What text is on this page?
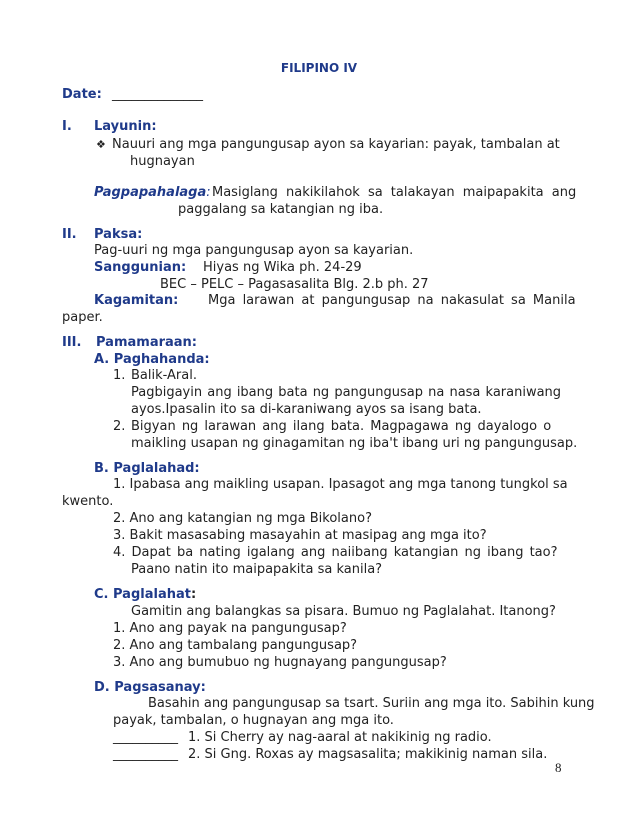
FILIPINO IV
Date: ______________
I. Layunin:
❖ Nauuri ang mga pangungusap ayon sa kayarian: payak, tambalan at
hugnayan
Pagpapahalaga: Masiglang nakikilahok sa talakayan maipapakita ang
paggalang sa katangian ng iba.
II. Paksa:
Pag-uuri ng mga pangungusap ayon sa kayarian.
Sanggunian: Hiyas ng Wika ph. 24-29
BEC – PELC – Pagasasalita Blg. 2.b ph. 27
Kagamitan: Mga larawan at pangungusap na nakasulat sa Manila
paper.
III. Pamamaraan:
A. Paghahanda:
1. Balik-Aral.
Pagbigayin ang ibang bata ng pangungusap na nasa karaniwang
ayos.Ipasalin ito sa di-karaniwang ayos sa isang bata.
2. Bigyan ng larawan ang ilang bata. Magpagawa ng dayalogo o
maikling usapan ng ginagamitan ng iba't ibang uri ng pangungusap.
B. Paglalahad:
1. Ipabasa ang maikling usapan. Ipasagot ang mga tanong tungkol sa
kwento.
2. Ano ang katangian ng mga Bikolano?
3. Bakit masasabing masayahin at masipag ang mga ito?
4. Dapat ba nating igalang ang naiibang katangian ng ibang tao?
Paano natin ito maipapakita sa kanila?
C. Paglalahat:
Gamitin ang balangkas sa pisara. Bumuo ng Paglalahat. Itanong?
1. Ano ang payak na pangungusap?
2. Ano ang tambalang pangungusap?
3. Ano ang bumubuo ng hugnayang pangungusap?
D. Pagsasanay:
Basahin ang pangungusap sa tsart. Suriin ang mga ito. Sabihin kung
payak, tambalan, o hugnayan ang mga ito.
__________ 1. Si Cherry ay nag-aaral at nakikinig ng radio.
__________ 2. Si Gng. Roxas ay magsasalita; makikinig naman sila.
8
